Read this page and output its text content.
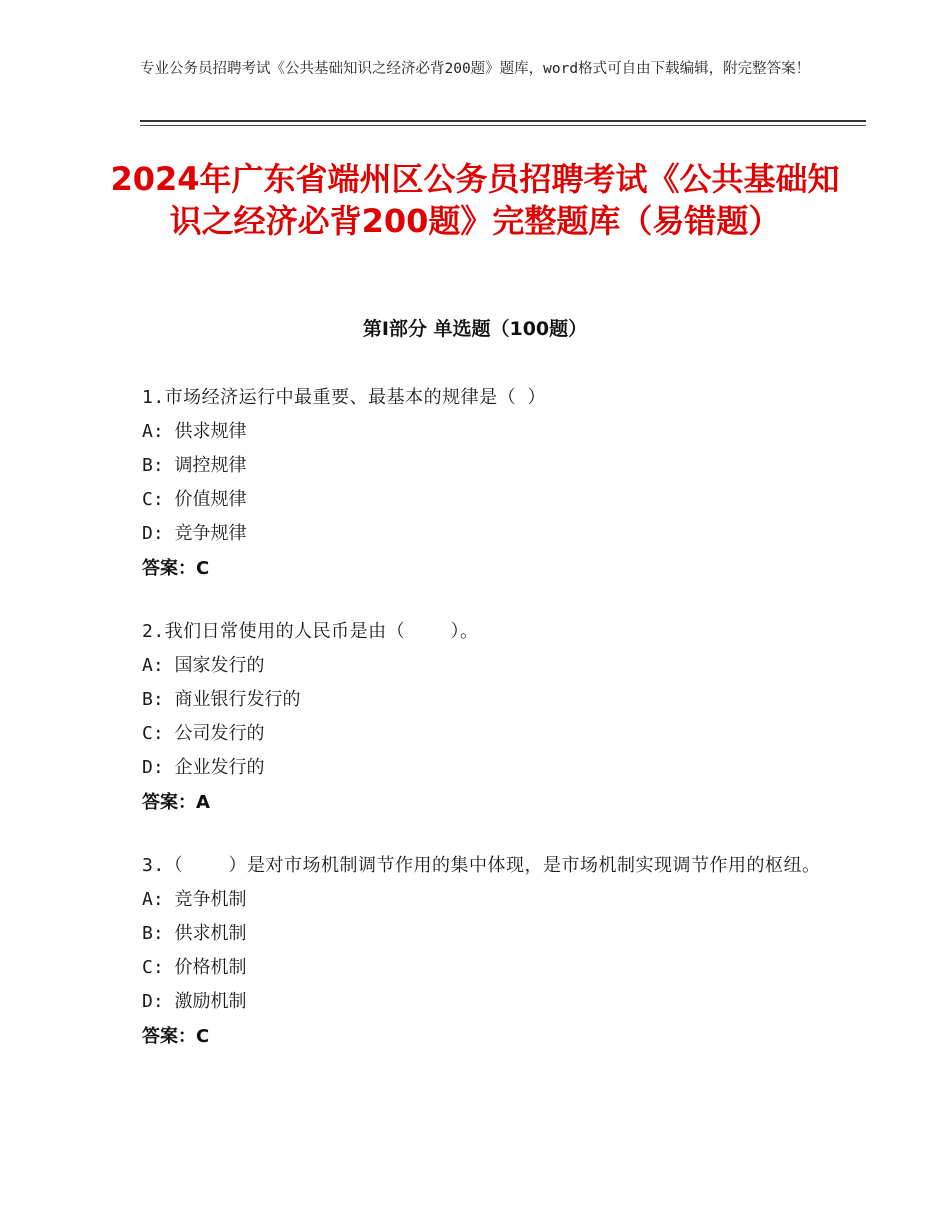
专业公务员招聘考试《公共基础知识之经济必背200题》题库，word格式可自由下载编辑，附完整答案！
2024年广东省端州区公务员招聘考试《公共基础知识之经济必背200题》完整题库（易错题）
第Ⅰ部分 单选题（100题）
1.市场经济运行中最重要、最基本的规律是（ ）
A: 供求规律
B: 调控规律
C: 价值规律
D: 竞争规律
答案：C
2.我们日常使用的人民币是由（    ）。
A: 国家发行的
B: 商业银行发行的
C: 公司发行的
D: 企业发行的
答案：A
3.（    ）是对市场机制调节作用的集中体现，是市场机制实现调节作用的枢纽。
A: 竞争机制
B: 供求机制
C: 价格机制
D: 激励机制
答案：C
